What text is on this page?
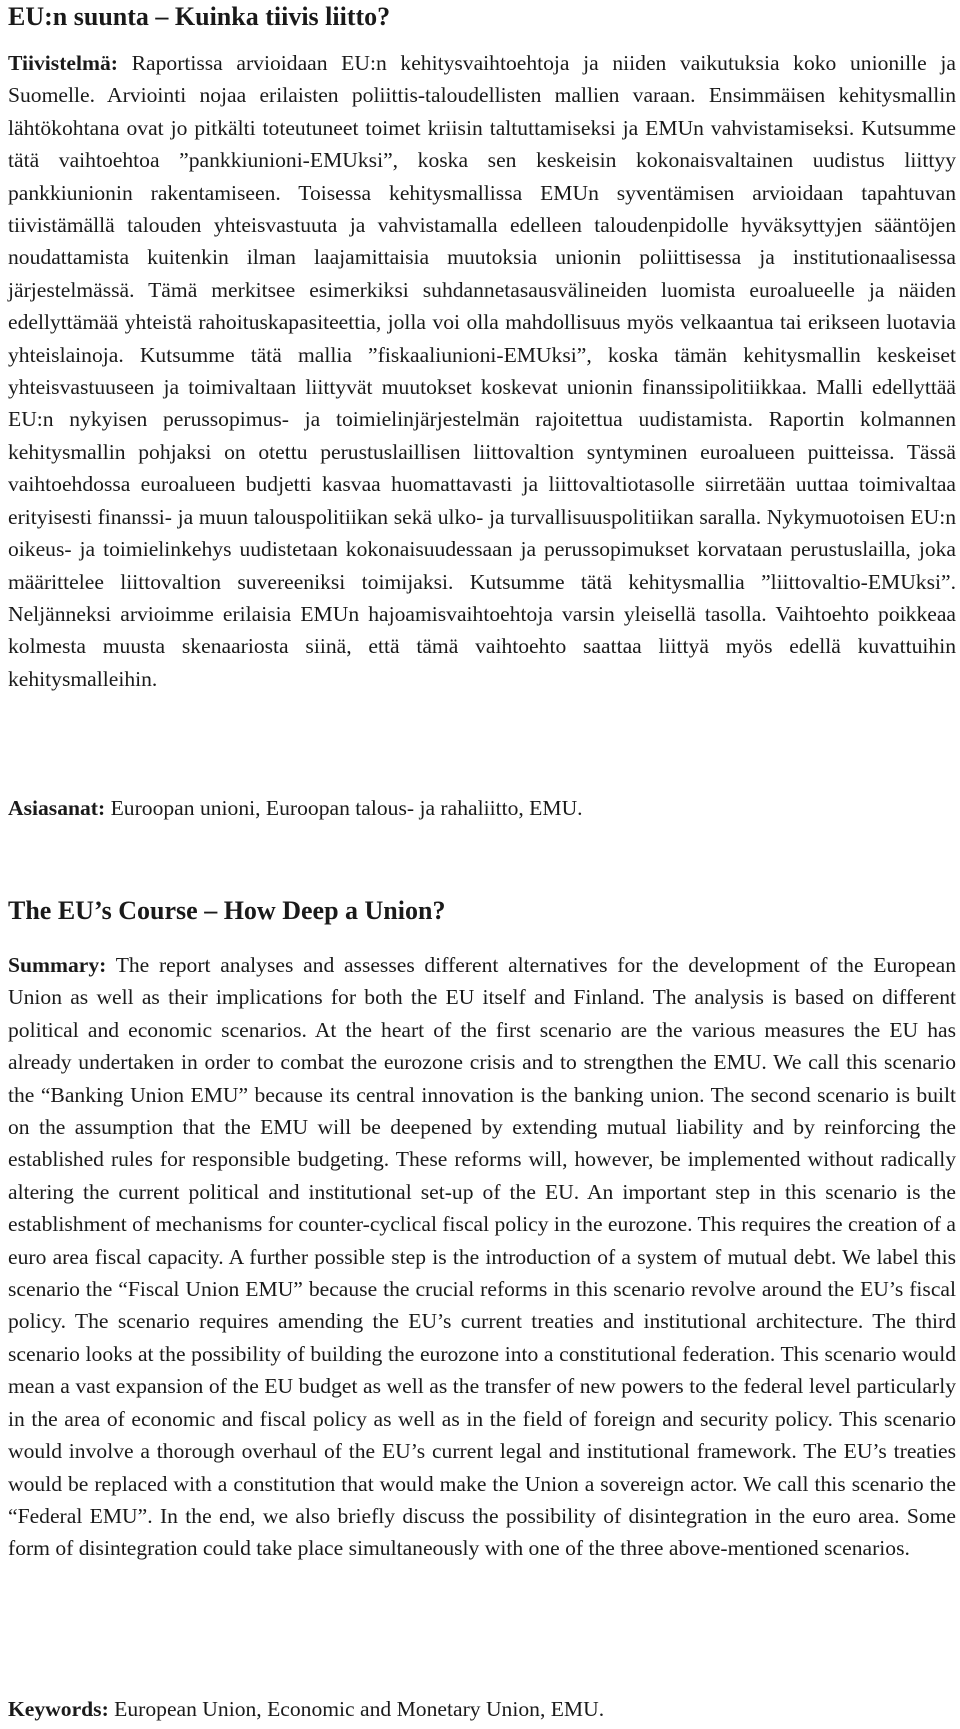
EU:n suunta – Kuinka tiivis liitto?

Tiivistelmä: Raportissa arvioidaan EU:n kehitysvaihtoehtoja ja niiden vaikutuksia koko unionille ja Suomelle. Arviointi nojaa erilaisten poliittis-taloudellisten mallien varaan. Ensimmäisen kehitysmallin lähtökohtana ovat jo pitkälti toteutuneet toimet kriisin taltuttamiseksi ja EMUn vahvistamiseksi. Kutsumme tätä vaihtoehtoa ”pankkiunioni-EMUksi”, koska sen keskeisin kokonaisvaltainen uudistus liittyy pankkiunionin rakentamiseen. Toisessa kehitysmallissa EMUn syventämisen arvioidaan tapahtuvan tiivistämällä talouden yhteisvastuuta ja vahvistamalla edelleen taloudenpidolle hyväksyttyjen sääntöjen noudattamista kuitenkin ilman laajamittaisia muutoksia unionin poliittisessa ja institutionaalisessa järjestelmässä. Tämä merkitsee esimerkiksi suhdannetasausvälineiden luomista euroalueelle ja näiden edellyttämää yhteistä rahoituskapasiteettia, jolla voi olla mahdollisuus myös velkaantua tai erikseen luotavia yhteislainoja. Kutsumme tätä mallia ”fiskaaliunioni-EMUksi”, koska tämän kehitysmallin keskeiset yhteisvastuuseen ja toimivaltaan liittyvät muutokset koskevat unionin finanssipolitiikkaa. Malli edellyttää EU:n nykyisen perussopimus- ja toimielinjärjestelmän rajoitettua uudistamista. Raportin kolmannen kehitysmallin pohjaksi on otettu perustuslaillisen liittovaltion syntyminen euroalueen puitteissa. Tässä vaihtoehdossa euroalueen budjetti kasvaa huomattavasti ja liittovaltiotasolle siirretään uuttaa toimivaltaa erityisesti finanssi- ja muun talouspolitiikan sekä ulko- ja turvallisuuspolitiikan saralla. Nykymuotoisen EU:n oikeus- ja toimielinkehys uudistetaan kokonaisuudessaan ja perussopimukset korvataan perustuslailla, joka määrittelee liittovaltion suvereeniksi toimijaksi. Kutsumme tätä kehitysmallia ”liittovaltio-EMUksi”. Neljänneksi arvioimme erilaisia EMUn hajoamisvaihtoehtoja varsin yleisellä tasolla. Vaihtoehto poikkeaa kolmesta muusta skenaariosta siinä, että tämä vaihtoehto saattaa liittyä myös edellä kuvattuihin kehitysmalleihin.

Asiasanat: Euroopan unioni, Euroopan talous- ja rahaliitto, EMU.

The EU’s Course – How Deep a Union?

Summary: The report analyses and assesses different alternatives for the development of the European Union as well as their implications for both the EU itself and Finland. The analysis is based on different political and economic scenarios. At the heart of the first scenario are the various measures the EU has already undertaken in order to combat the eurozone crisis and to strengthen the EMU. We call this scenario the “Banking Union EMU” because its central innovation is the banking union. The second scenario is built on the assumption that the EMU will be deepened by extending mutual liability and by reinforcing the established rules for responsible budgeting. These reforms will, however, be implemented without radically altering the current political and institutional set-up of the EU. An important step in this scenario is the establishment of mechanisms for counter-cyclical fiscal policy in the eurozone. This requires the creation of a euro area fiscal capacity. A further possible step is the introduction of a system of mutual debt. We label this scenario the “Fiscal Union EMU” because the crucial reforms in this scenario revolve around the EU’s fiscal policy. The scenario requires amending the EU’s current treaties and institutional architecture. The third scenario looks at the possibility of building the eurozone into a constitutional federation. This scenario would mean a vast expansion of the EU budget as well as the transfer of new powers to the federal level particularly in the area of economic and fiscal policy as well as in the field of foreign and security policy. This scenario would involve a thorough overhaul of the EU’s current legal and institutional framework. The EU’s treaties would be replaced with a constitution that would make the Union a sovereign actor. We call this scenario the “Federal EMU”. In the end, we also briefly discuss the possibility of disintegration in the euro area. Some form of disintegration could take place simultaneously with one of the three above-mentioned scenarios.

Keywords: European Union, Economic and Monetary Union, EMU.
